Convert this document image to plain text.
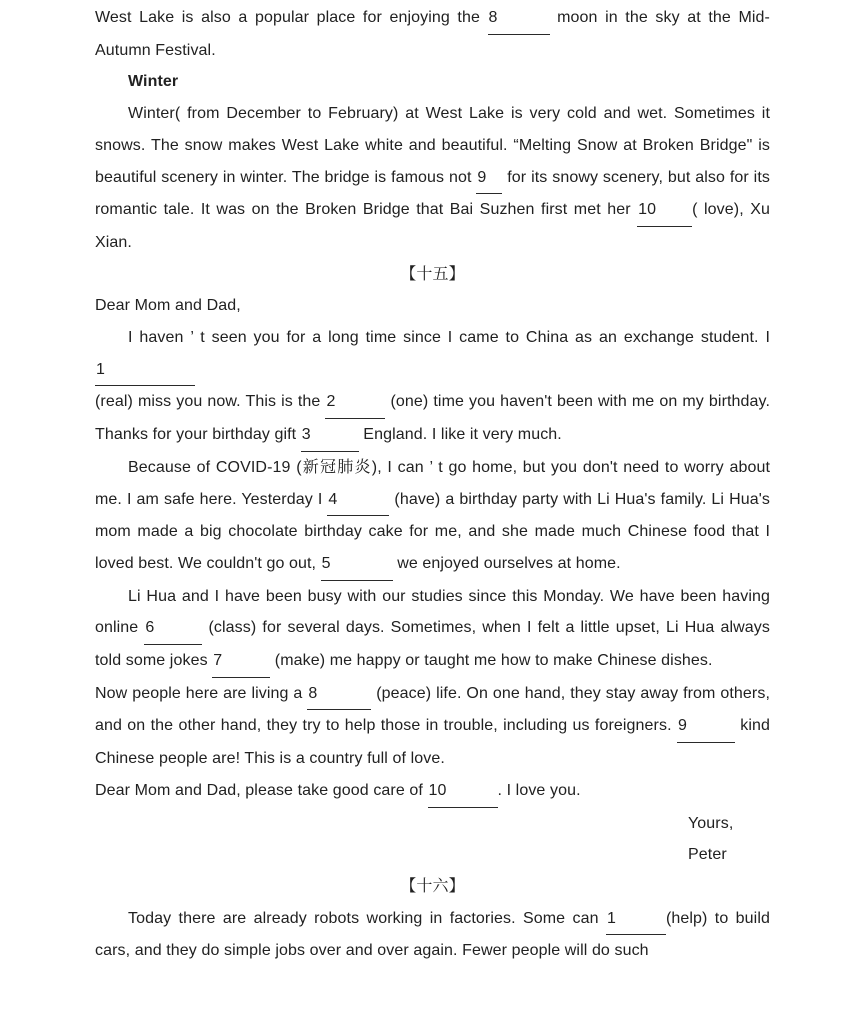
West Lake is also a popular place for enjoying the 8	moon in the sky at the Mid-Autumn Festival.

Winter

Winter( from December to February) at West Lake is very cold and wet. Sometimes it snows. The snow makes West Lake white and beautiful. “Melting Snow at Broken Bridge" is beautiful scenery in winter. The bridge is famous not 9 for its snowy scenery, but also for its romantic tale. It was on the Broken Bridge that Bai Suzhen first met her 10 ( love), Xu Xian.

【十五】

Dear Mom and Dad,

I haven ’ t seen you for a long time since I came to China as an exchange student. I 1

(real) miss you now. This is the 2	(one) time you haven't been with me on my birthday. Thanks for your birthday gift 3	England. I like it very much.

Because of COVID-19 (新冠肺炎), I can ’ t go home, but you don't need to worry about me. I am safe here. Yesterday I 4	(have) a birthday party with Li Hua's family. Li Hua's mom made a big chocolate birthday cake for me, and she made much Chinese food that I loved best. We couldn't go out, 5	we enjoyed ourselves at home.

Li Hua and I have been busy with our studies since this Monday. We have been having online 6	(class) for several days. Sometimes, when I felt a little upset, Li Hua always told some jokes 7	(make) me happy or taught me how to make Chinese dishes.

Now people here are living a 8	(peace) life. On one hand, they stay away from others, and on the other hand, they try to help those in trouble, including us foreigners. 9	kind Chinese people are! This is a country full of love.

Dear Mom and Dad, please take good care of 10	. I love you.

Yours,

Peter

【十六】

Today there are already robots working in factories. Some can 1	(help) to build cars, and they do simple jobs over and over again. Fewer people will do such
